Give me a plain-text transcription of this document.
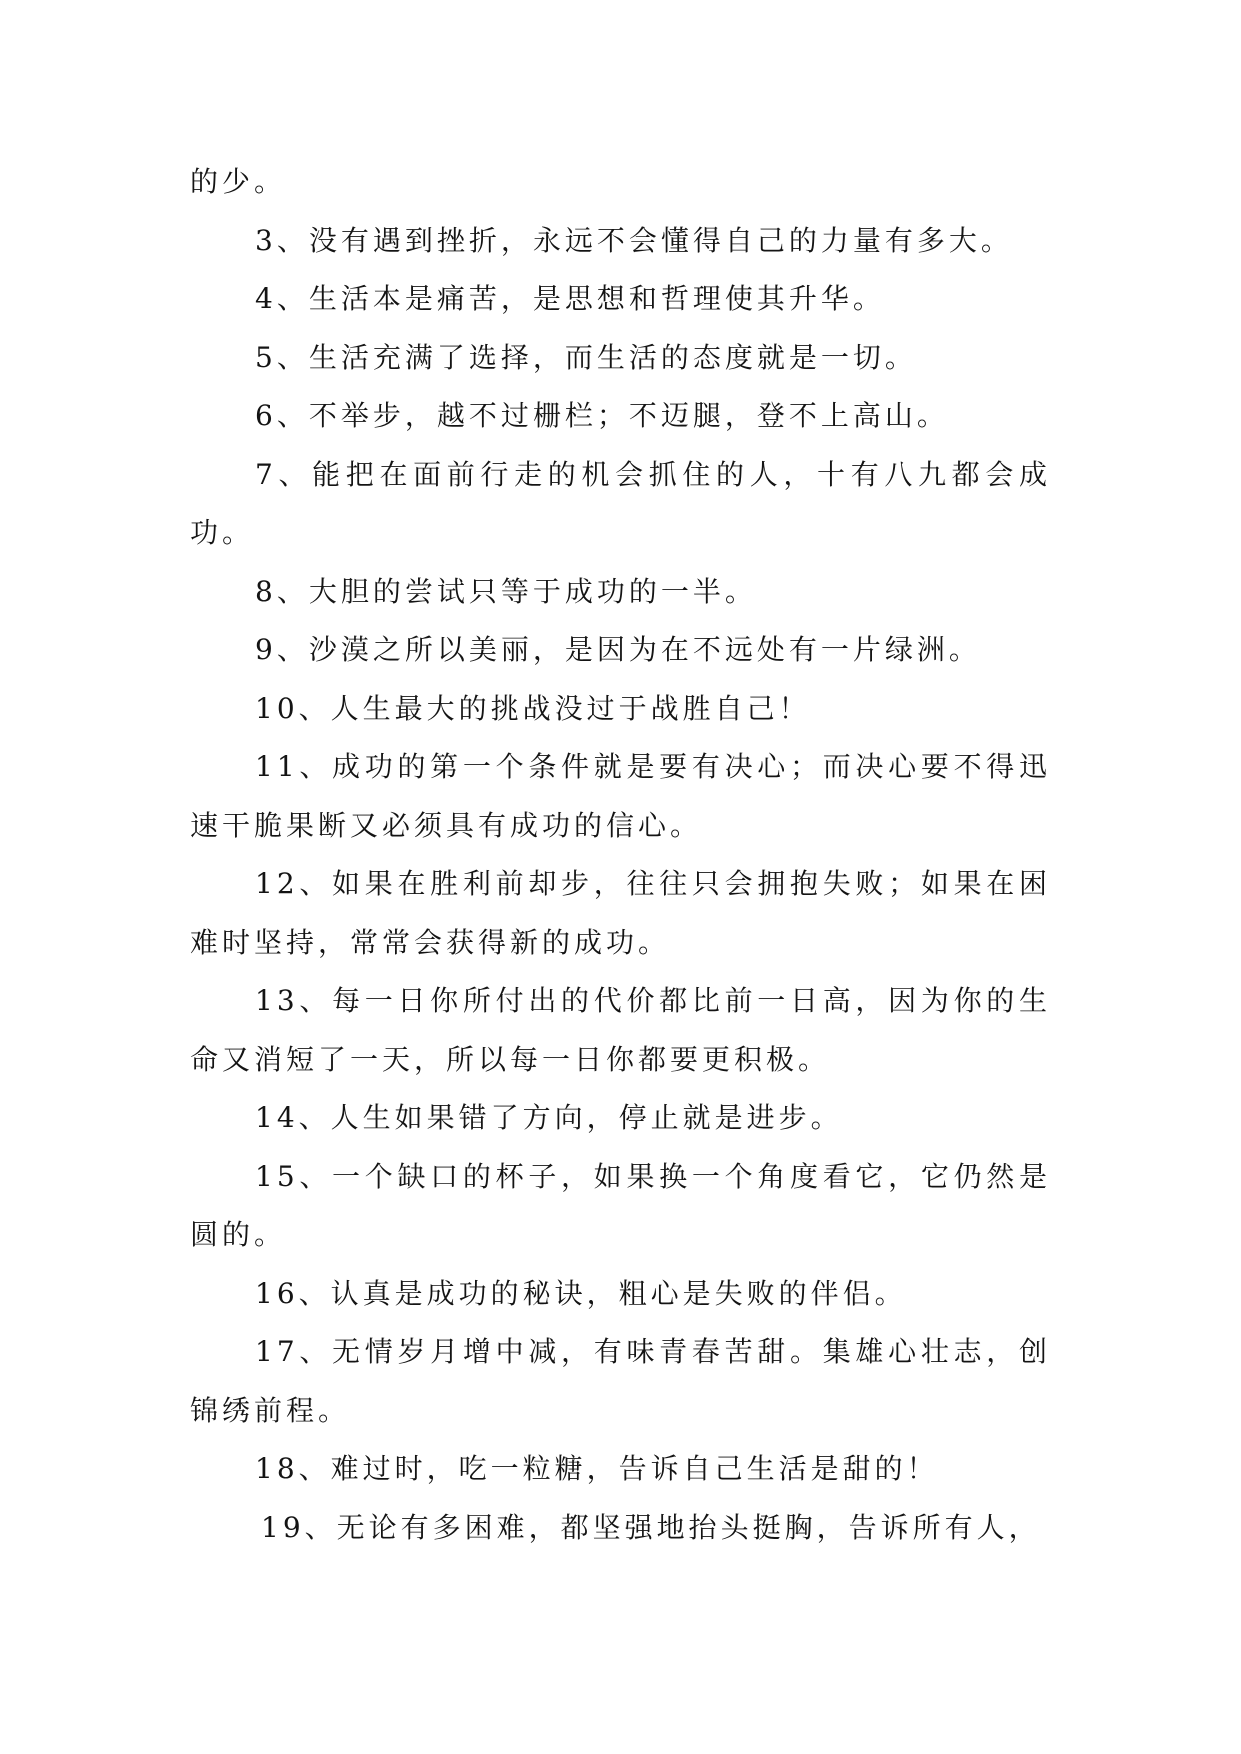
的少。
3、没有遇到挫折，永远不会懂得自己的力量有多大。
4、生活本是痛苦，是思想和哲理使其升华。
5、生活充满了选择，而生活的态度就是一切。
6、不举步，越不过栅栏；不迈腿，登不上高山。
7、能把在面前行走的机会抓住的人，十有八九都会成
功。
8、大胆的尝试只等于成功的一半。
9、沙漠之所以美丽，是因为在不远处有一片绿洲。
10、人生最大的挑战没过于战胜自己！
11、成功的第一个条件就是要有决心；而决心要不得迅
速干脆果断又必须具有成功的信心。
12、如果在胜利前却步，往往只会拥抱失败；如果在困
难时坚持，常常会获得新的成功。
13、每一日你所付出的代价都比前一日高，因为你的生
命又消短了一天，所以每一日你都要更积极。
14、人生如果错了方向，停止就是进步。
15、一个缺口的杯子，如果换一个角度看它，它仍然是
圆的。
16、认真是成功的秘诀，粗心是失败的伴侣。
17、无情岁月增中减，有味青春苦甜。集雄心壮志，创
锦绣前程。
18、难过时，吃一粒糖，告诉自己生活是甜的！
19、无论有多困难，都坚强地抬头挺胸，告诉所有人，
